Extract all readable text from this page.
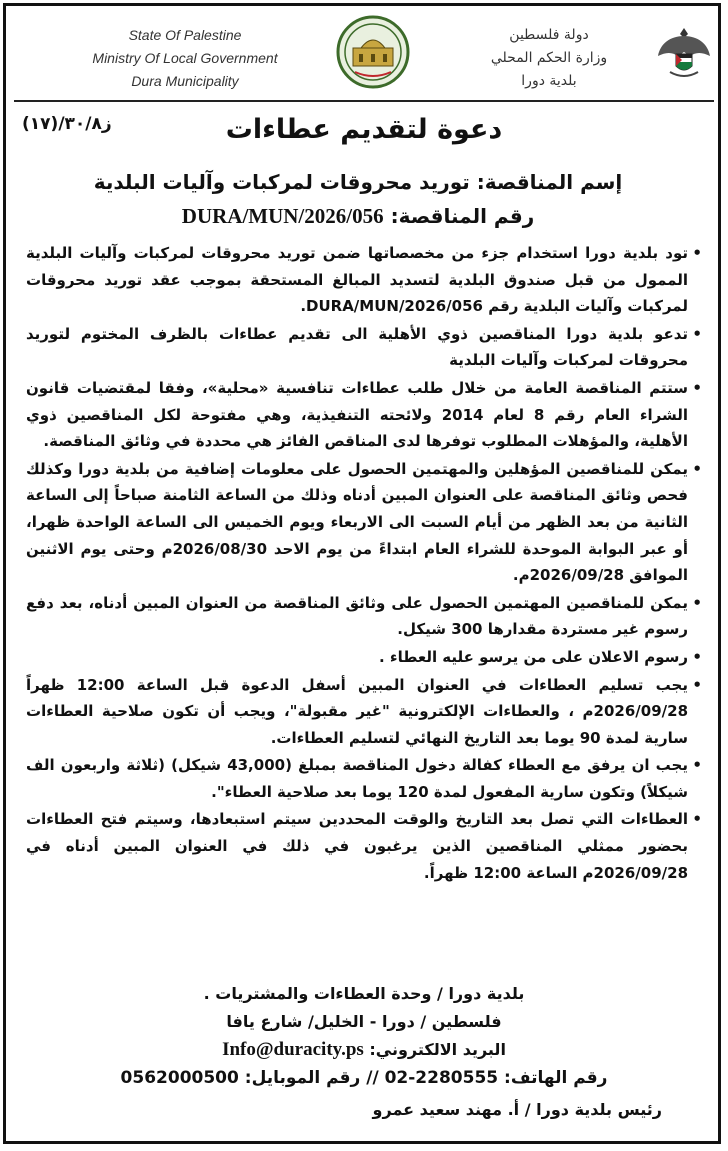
State Of Palestine
Ministry Of Local Government
Dura Municipality
دولة فلسطين
وزارة الحكم المحلي
بلدية دورا
ز٣٠/٨/(١٧)	دعوة لتقديم عطاءات
إسم المناقصة: توريد محروقات لمركبات وآليات البلدية
رقم المناقصة: DURA/MUN/2026/056
• تود بلدية دورا استخدام جزء من مخصصاتها ضمن توريد محروقات لمركبات وآليات البلدية الممول من قبل صندوق البلدية لتسديد المبالغ المستحقة بموجب عقد توريد محروقات لمركبات وآليات البلدية رقم DURA/MUN/2026/056.
• تدعو بلدية دورا المناقصين ذوي الأهلية الى تقديم عطاءات بالظرف المختوم لتوريد محروقات لمركبات وآليات البلدية
• ستتم المناقصة العامة من خلال طلب عطاءات تنافسية «محلية»، وفقا لمقتضيات قانون الشراء العام رقم 8 لعام 2014 ولائحته التنفيذية، وهي مفتوحة لكل المناقصين ذوي الأهلية، والمؤهلات المطلوب توفرها لدى المناقص الفائز هي محددة في وثائق المناقصة.
• يمكن للمناقصين المؤهلين والمهتمين الحصول على معلومات إضافية من بلدية دورا وكذلك فحص وثائق المناقصة على العنوان المبين أدناه وذلك من الساعة الثامنة صباحاً إلى الساعة الثانية من بعد الظهر من أيام السبت الى الاربعاء ويوم الخميس الى الساعة الواحدة ظهرا، أو عبر البوابة الموحدة للشراء العام ابتداءً من يوم الاحد 2026/08/30م وحتى يوم الاثنين الموافق 2026/09/28م.
• يمكن للمناقصين المهتمين الحصول على وثائق المناقصة من العنوان المبين أدناه، بعد دفع رسوم غير مستردة مقدارها 300 شيكل.
• رسوم الاعلان على من يرسو عليه العطاء .
• يجب تسليم العطاءات في العنوان المبين أسفل الدعوة قبل الساعة 12:00 ظهراً 2026/09/28م ، والعطاءات الإلكترونية "غير مقبولة"، ويجب أن تكون صلاحية العطاءات سارية لمدة 90 يوما بعد التاريخ النهائي لتسليم العطاءات.
• يجب ان يرفق مع العطاء كفالة دخول المناقصة بمبلغ (43,000 شيكل) (ثلاثة واربعون الف شيكلاً) وتكون سارية المفعول لمدة 120 يوما بعد صلاحية العطاء".
• العطاءات التي تصل بعد التاريخ والوقت المحددين سيتم استبعادها، وسيتم فتح العطاءات بحضور ممثلي المناقصين الذين يرغبون في ذلك في العنوان المبين أدناه في 2026/09/28م الساعة 12:00 ظهراً.
بلدية دورا / وحدة العطاءات والمشتريات .
فلسطين / دورا - الخليل/ شارع يافا
البريد الالكتروني: Info@duracity.ps
رقم الهاتف: 02-2280555 // رقم الموبايل: 0562000500
رئيس بلدية دورا / أ. مهند سعيد عمرو
